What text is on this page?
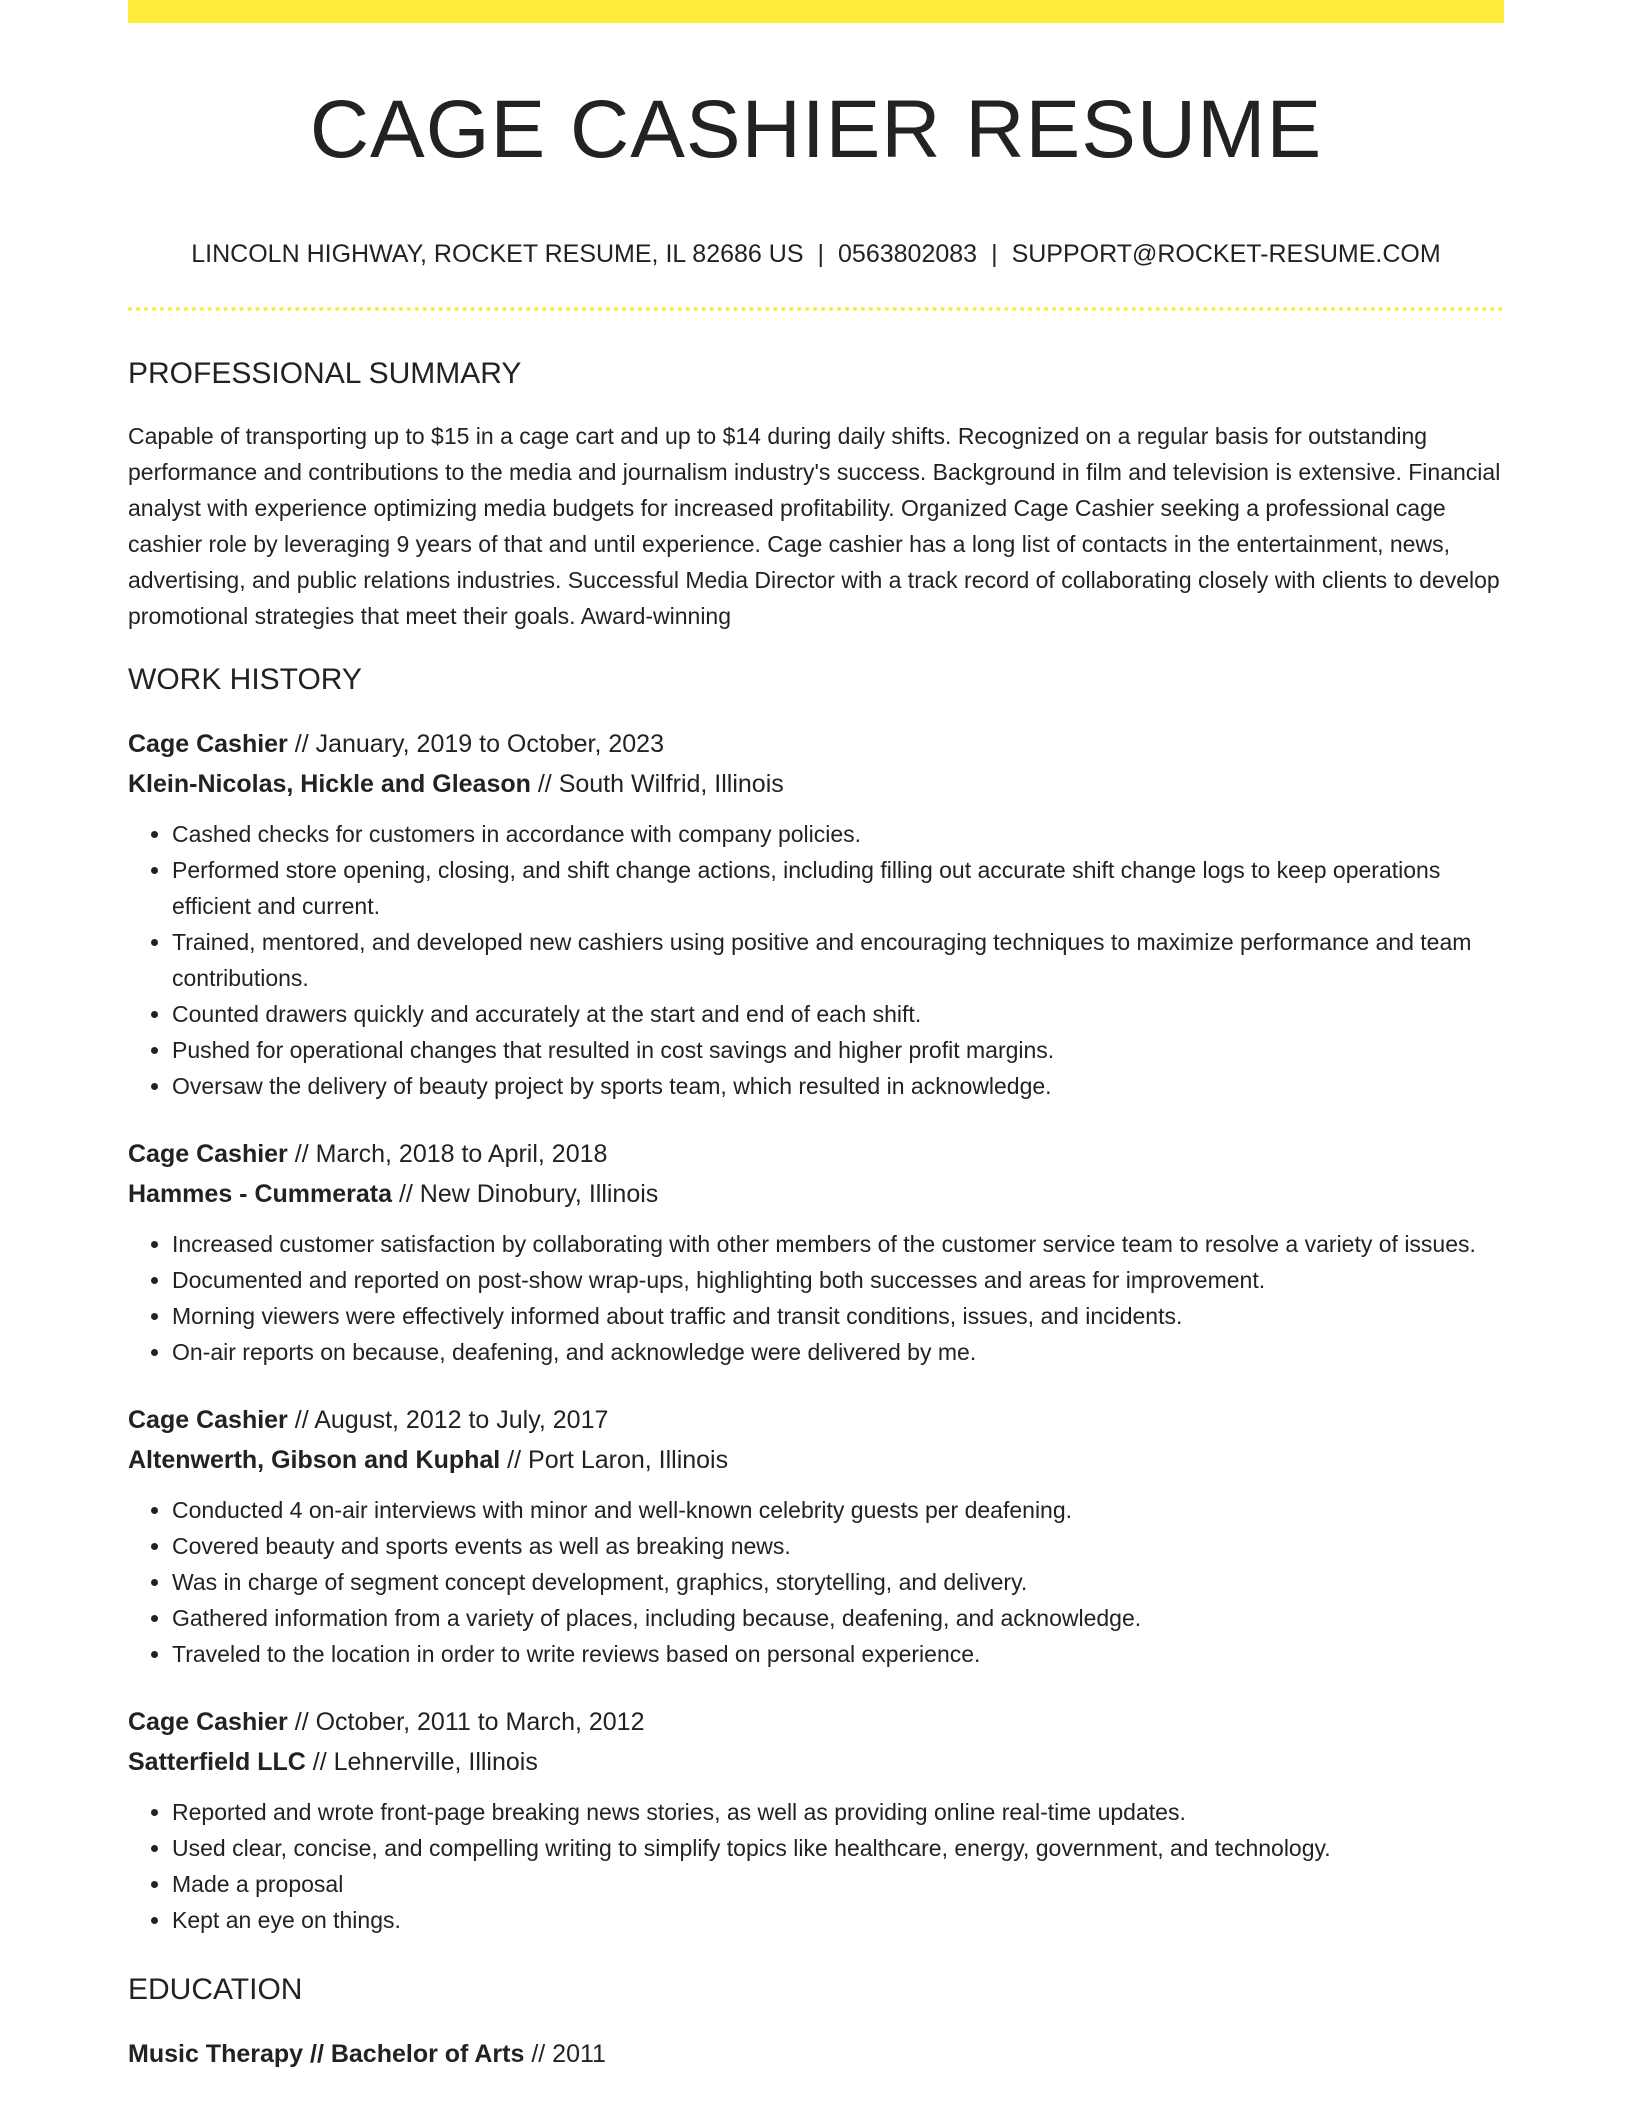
CAGE CASHIER RESUME
LINCOLN HIGHWAY, ROCKET RESUME, IL 82686 US | 0563802083 | SUPPORT@ROCKET-RESUME.COM
PROFESSIONAL SUMMARY

Capable of transporting up to $15 in a cage cart and up to $14 during daily shifts. Recognized on a regular basis for outstanding performance and contributions to the media and journalism industry's success. Background in film and television is extensive. Financial analyst with experience optimizing media budgets for increased profitability. Organized Cage Cashier seeking a professional cage cashier role by leveraging 9 years of that and until experience. Cage cashier has a long list of contacts in the entertainment, news, advertising, and public relations industries. Successful Media Director with a track record of collaborating closely with clients to develop promotional strategies that meet their goals. Award-winning

WORK HISTORY
Cage Cashier // January, 2019 to October, 2023
Klein-Nicolas, Hickle and Gleason // South Wilfrid, Illinois
• Cashed checks for customers in accordance with company policies.
• Performed store opening, closing, and shift change actions, including filling out accurate shift change logs to keep operations efficient and current.
• Trained, mentored, and developed new cashiers using positive and encouraging techniques to maximize performance and team contributions.
• Counted drawers quickly and accurately at the start and end of each shift.
• Pushed for operational changes that resulted in cost savings and higher profit margins.
• Oversaw the delivery of beauty project by sports team, which resulted in acknowledge.
Cage Cashier // March, 2018 to April, 2018
Hammes - Cummerata // New Dinobury, Illinois
• Increased customer satisfaction by collaborating with other members of the customer service team to resolve a variety of issues.
• Documented and reported on post-show wrap-ups, highlighting both successes and areas for improvement.
• Morning viewers were effectively informed about traffic and transit conditions, issues, and incidents.
• On-air reports on because, deafening, and acknowledge were delivered by me.
Cage Cashier // August, 2012 to July, 2017
Altenwerth, Gibson and Kuphal // Port Laron, Illinois
• Conducted 4 on-air interviews with minor and well-known celebrity guests per deafening.
• Covered beauty and sports events as well as breaking news.
• Was in charge of segment concept development, graphics, storytelling, and delivery.
• Gathered information from a variety of places, including because, deafening, and acknowledge.
• Traveled to the location in order to write reviews based on personal experience.
Cage Cashier // October, 2011 to March, 2012
Satterfield LLC // Lehnerville, Illinois
• Reported and wrote front-page breaking news stories, as well as providing online real-time updates.
• Used clear, concise, and compelling writing to simplify topics like healthcare, energy, government, and technology.
• Made a proposal
• Kept an eye on things.
EDUCATION
Music Therapy // Bachelor of Arts // 2011
